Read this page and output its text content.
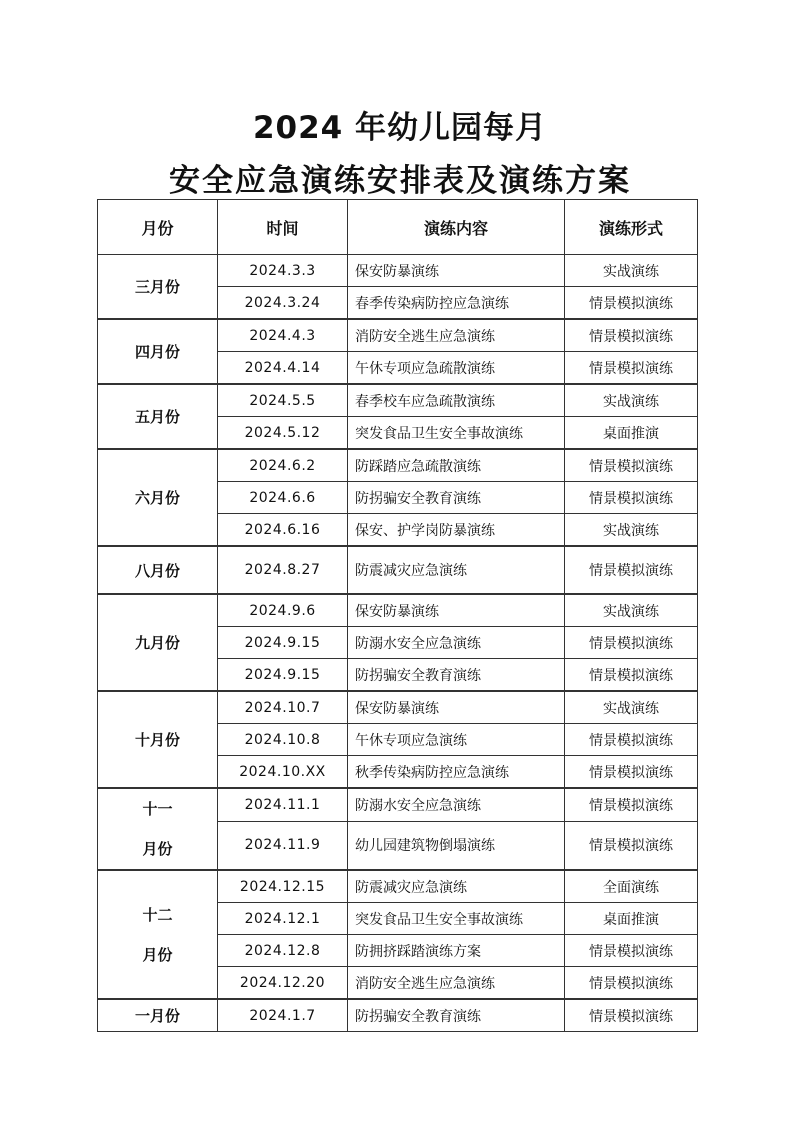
2024 年幼儿园每月
安全应急演练安排表及演练方案
月份	时间	演练内容	演练形式
三月份	2024.3.3	保安防暴演练	实战演练
	2024.3.24	春季传染病防控应急演练	情景模拟演练
四月份	2024.4.3	消防安全逃生应急演练	情景模拟演练
	2024.4.14	午休专项应急疏散演练	情景模拟演练
五月份	2024.5.5	春季校车应急疏散演练	实战演练
	2024.5.12	突发食品卫生安全事故演练	桌面推演
六月份	2024.6.2	防踩踏应急疏散演练	情景模拟演练
	2024.6.6	防拐骗安全教育演练	情景模拟演练
	2024.6.16	保安、护学岗防暴演练	实战演练
八月份	2024.8.27	防震减灾应急演练	情景模拟演练
九月份	2024.9.6	保安防暴演练	实战演练
	2024.9.15	防溺水安全应急演练	情景模拟演练
	2024.9.15	防拐骗安全教育演练	情景模拟演练
十月份	2024.10.7	保安防暴演练	实战演练
	2024.10.8	午休专项应急演练	情景模拟演练
	2024.10.XX	秋季传染病防控应急演练	情景模拟演练

十一
月份	2024.11.1	防溺水安全应急演练	情景模拟演练
	2024.11.9	幼儿园建筑物倒塌演练	情景模拟演练

十二
月份	2024.12.15	防震减灾应急演练	全面演练
	2024.12.1	突发食品卫生安全事故演练	桌面推演
	2024.12.8	防拥挤踩踏演练方案	情景模拟演练
	2024.12.20	消防安全逃生应急演练	情景模拟演练
一月份	2024.1.7	防拐骗安全教育演练	情景模拟演练
